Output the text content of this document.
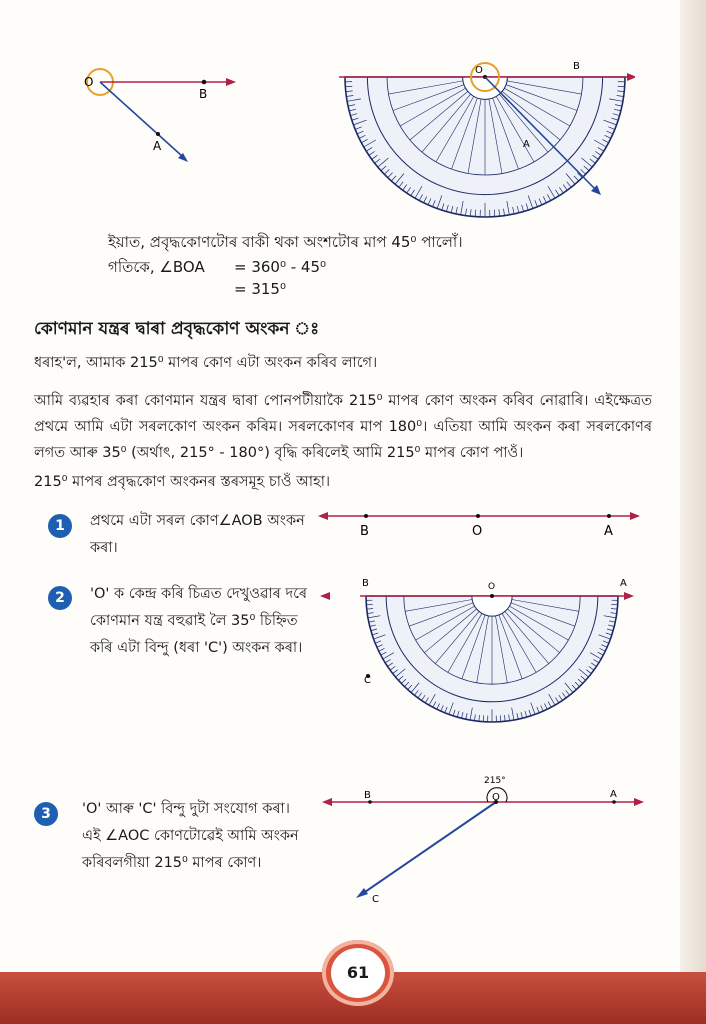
O
B
A
B
O
A
ইয়াত, প্ৰবৃদ্ধকোণটোৰ বাকী থকা অংশটোৰ মাপ 45⁰ পালোঁ।
গতিকে, ∠BOA = 360⁰ - 45⁰
= 315⁰
কোণমান যন্ত্ৰৰ দ্বাৰা প্ৰবৃদ্ধকোণ অংকন ঃ
ধৰাহ'ল, আমাক 215⁰ মাপৰ কোণ এটা অংকন কৰিব লাগে।
আমি ব্যৱহাৰ কৰা কোণমান যন্ত্ৰৰ দ্বাৰা পোনপটীয়াকৈ 215⁰ মাপৰ কোণ অংকন কৰিব নোৱাৰি। এইক্ষেত্ৰত প্ৰথমে আমি এটা সৰলকোণ অংকন কৰিম। সৰলকোণৰ মাপ 180⁰। এতিয়া আমি অংকন কৰা সৰলকোণৰ লগত আৰু 35⁰ (অৰ্থাৎ, 215° - 180°) বৃদ্ধি কৰিলেই আমি 215⁰ মাপৰ কোণ পাওঁ।
215⁰ মাপৰ প্ৰবৃদ্ধকোণ অংকনৰ স্তৰসমূহ চাওঁ আহা।
1	প্ৰথমে এটা সৰল কোণ∠AOB অংকন কৰা।
B	O	A
2	'O' ক কেন্দ্ৰ কৰি চিত্ৰত দেখুওৱাৰ দৰে কোণমান যন্ত্ৰ বহুৱাই লৈ 35⁰ চিহ্নিত কৰি এটা বিন্দু (ধৰা 'C') অংকন কৰা।
B	O	A
C
3	'O' আৰু 'C' বিন্দু দুটা সংযোগ কৰা। এই ∠AOC কোণটোৱেই আমি অংকন কৰিবলগীয়া 215⁰ মাপৰ কোণ।
B	O	A
215°
C
61
